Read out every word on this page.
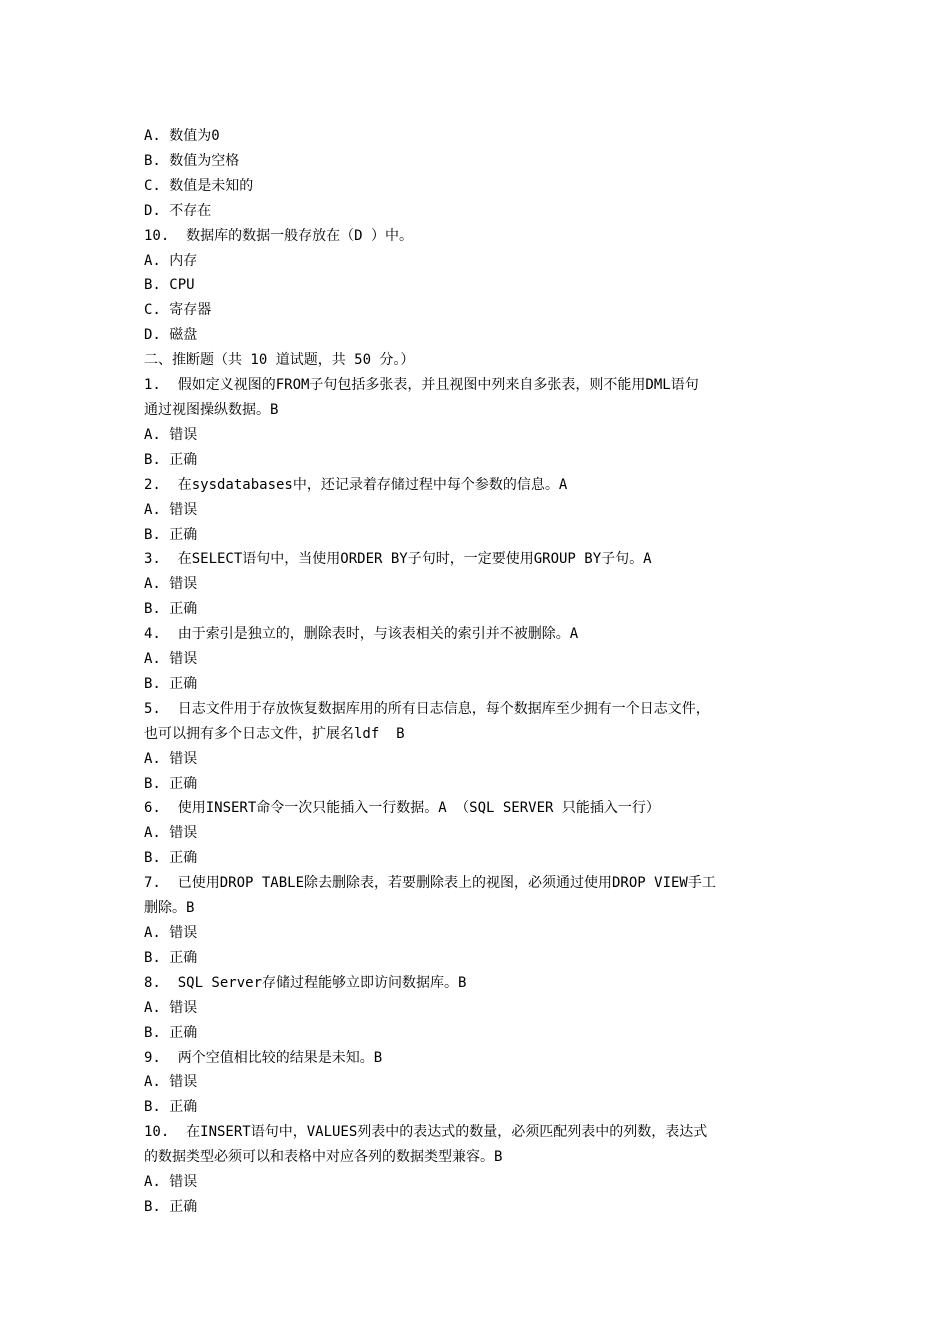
A. 数值为0

B. 数值为空格

C. 数值是未知的

D. 不存在

10.  数据库的数据一般存放在（D ）中。

A. 内存

B. CPU

C. 寄存器

D. 磁盘

二、推断题（共 10 道试题，共 50 分。）

1.  假如定义视图的FROM子句包括多张表，并且视图中列来自多张表，则不能用DML语句

通过视图操纵数据。B

A. 错误

B. 正确

2.  在sysdatabases中，还记录着存储过程中每个参数的信息。A

A. 错误

B. 正确

3.  在SELECT语句中，当使用ORDER BY子句时，一定要使用GROUP BY子句。A

A. 错误

B. 正确

4.  由于索引是独立的，删除表时，与该表相关的索引并不被删除。A

A. 错误

B. 正确

5.  日志文件用于存放恢复数据库用的所有日志信息，每个数据库至少拥有一个日志文件，

也可以拥有多个日志文件，扩展名ldf  B

A. 错误

B. 正确

6.  使用INSERT命令一次只能插入一行数据。A （SQL SERVER 只能插入一行）

A. 错误

B. 正确

7.  已使用DROP TABLE除去删除表，若要删除表上的视图，必须通过使用DROP VIEW手工

删除。B

A. 错误

B. 正确

8.  SQL Server存储过程能够立即访问数据库。B

A. 错误

B. 正确

9.  两个空值相比较的结果是未知。B

A. 错误

B. 正确

10.  在INSERT语句中，VALUES列表中的表达式的数量，必须匹配列表中的列数，表达式

的数据类型必须可以和表格中对应各列的数据类型兼容。B

A. 错误

B. 正确
